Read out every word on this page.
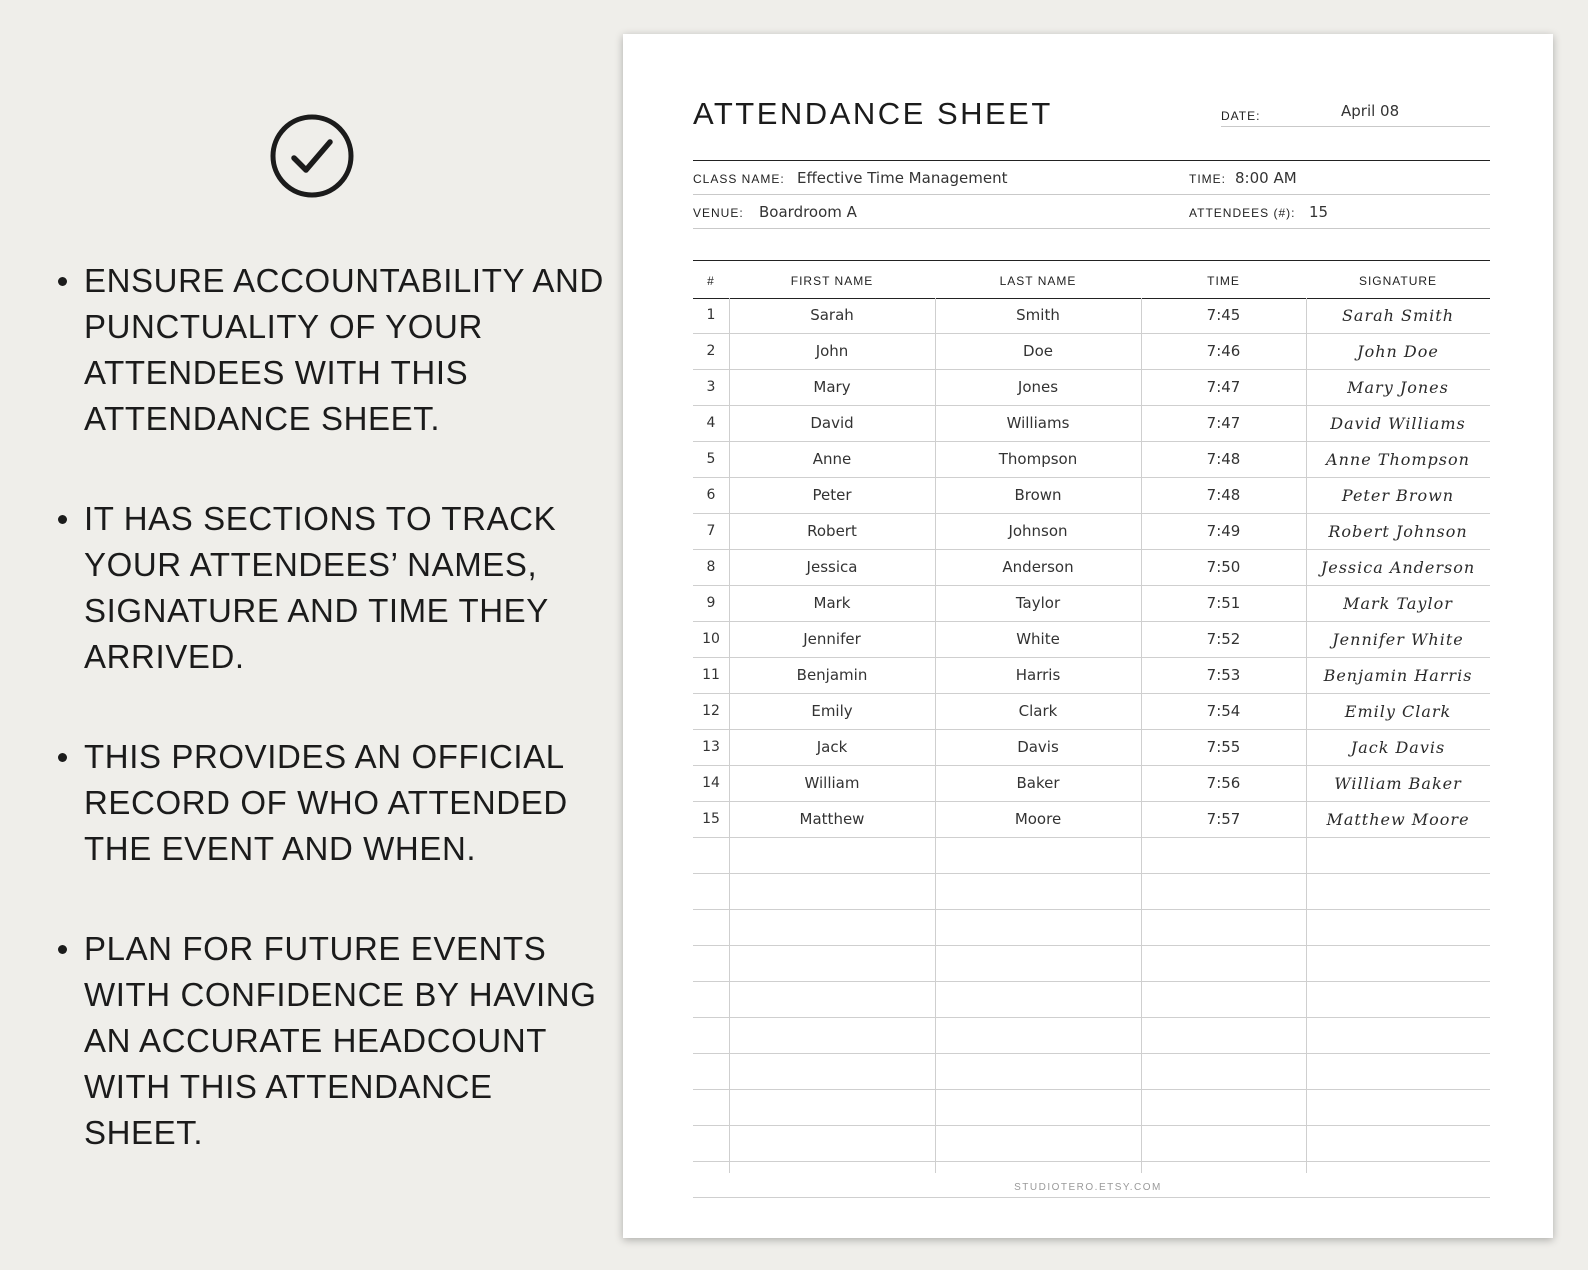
ENSURE ACCOUNTABILITY AND PUNCTUALITY OF YOUR ATTENDEES WITH THIS ATTENDANCE SHEET.
IT HAS SECTIONS TO TRACK YOUR ATTENDEES’ NAMES, SIGNATURE AND TIME THEY ARRIVED.
THIS PROVIDES AN OFFICIAL RECORD OF WHO ATTENDED THE EVENT AND WHEN.
PLAN FOR FUTURE EVENTS WITH CONFIDENCE BY HAVING AN ACCURATE HEADCOUNT WITH THIS ATTENDANCE SHEET.
ATTENDANCE SHEET	DATE:	April 08
CLASS NAME: Effective Time Management	TIME: 8:00 AM
VENUE: Boardroom A	ATTENDEES (#): 15
#	FIRST NAME	LAST NAME	TIME	SIGNATURE
1	Sarah	Smith	7:45	Sarah Smith
2	John	Doe	7:46	John Doe
3	Mary	Jones	7:47	Mary Jones
4	David	Williams	7:47	David Williams
5	Anne	Thompson	7:48	Anne Thompson
6	Peter	Brown	7:48	Peter Brown
7	Robert	Johnson	7:49	Robert Johnson
8	Jessica	Anderson	7:50	Jessica Anderson
9	Mark	Taylor	7:51	Mark Taylor
10	Jennifer	White	7:52	Jennifer White
11	Benjamin	Harris	7:53	Benjamin Harris
12	Emily	Clark	7:54	Emily Clark
13	Jack	Davis	7:55	Jack Davis
14	William	Baker	7:56	William Baker
15	Matthew	Moore	7:57	Matthew Moore
STUDIOTERO.ETSY.COM
